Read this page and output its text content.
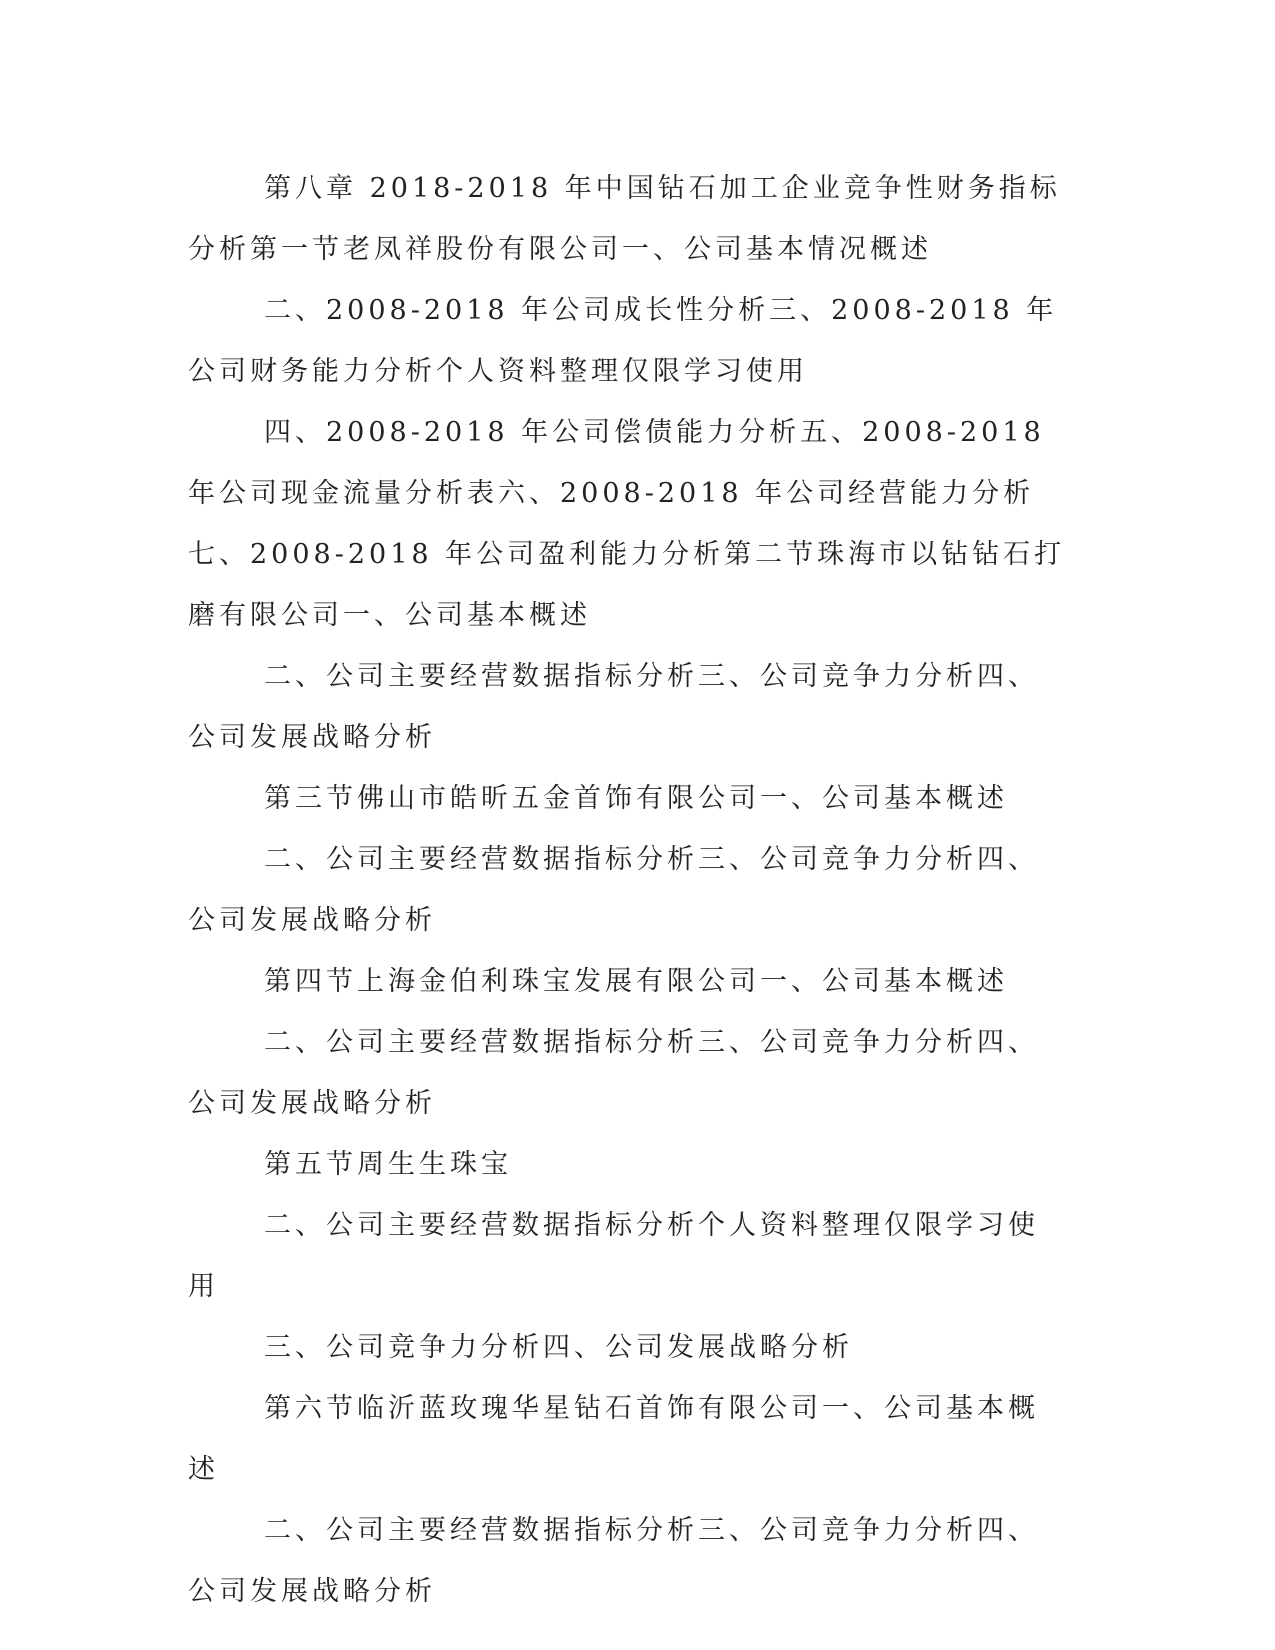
第八章 2018-2018 年中国钻石加工企业竞争性财务指标分析第一节老凤祥股份有限公司一、公司基本情况概述

二、2008-2018 年公司成长性分析三、2008-2018 年公司财务能力分析个人资料整理仅限学习使用

四、2008-2018 年公司偿债能力分析五、2008-2018 年公司现金流量分析表六、2008-2018 年公司经营能力分析七、2008-2018 年公司盈利能力分析第二节珠海市以钻钻石打磨有限公司一、公司基本概述

二、公司主要经营数据指标分析三、公司竞争力分析四、公司发展战略分析

第三节佛山市皓昕五金首饰有限公司一、公司基本概述

二、公司主要经营数据指标分析三、公司竞争力分析四、公司发展战略分析

第四节上海金伯利珠宝发展有限公司一、公司基本概述

二、公司主要经营数据指标分析三、公司竞争力分析四、公司发展战略分析

第五节周生生珠宝

二、公司主要经营数据指标分析个人资料整理仅限学习使用

三、公司竞争力分析四、公司发展战略分析

第六节临沂蓝玫瑰华星钻石首饰有限公司一、公司基本概述

二、公司主要经营数据指标分析三、公司竞争力分析四、公司发展战略分析
